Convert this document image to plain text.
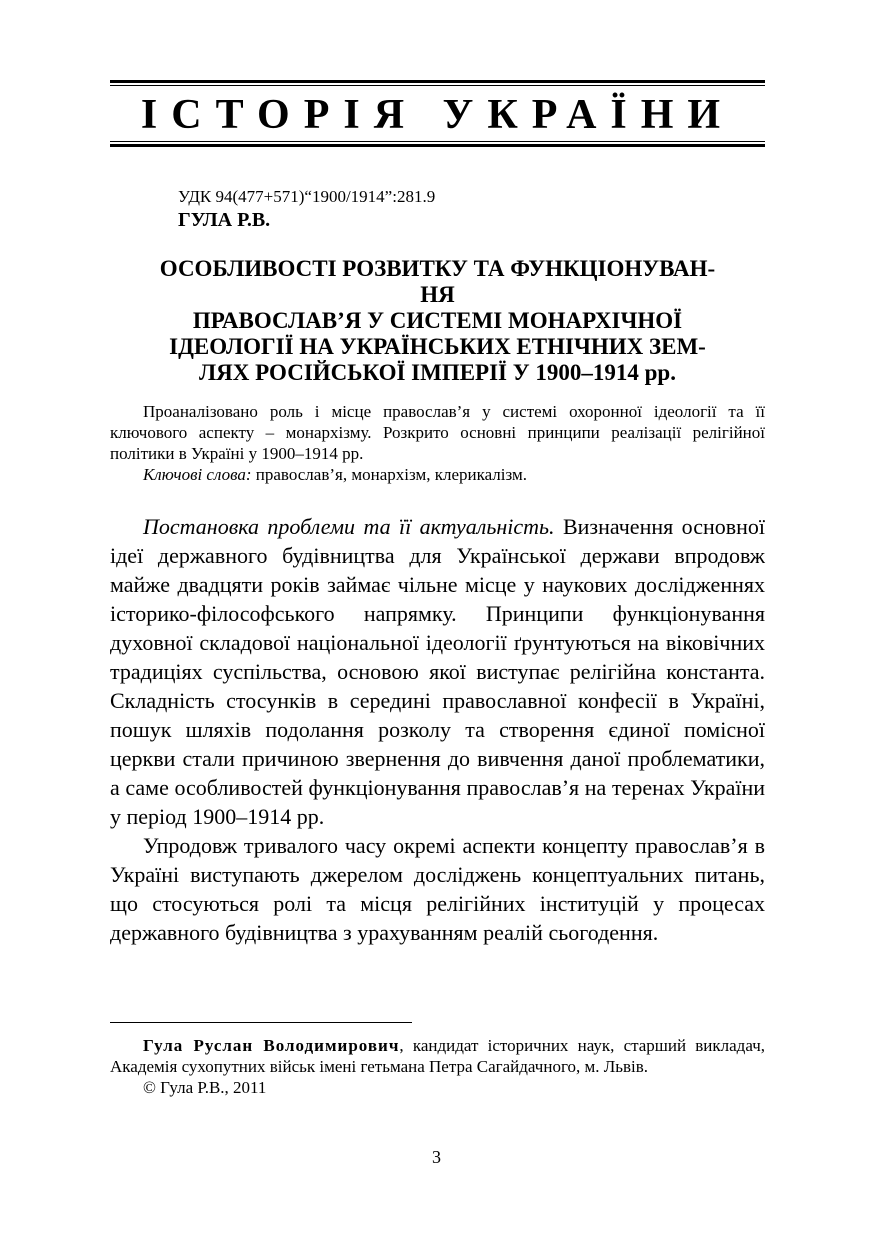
ІСТОРІЯ УКРАЇНИ
УДК 94(477+571)“1900/1914”:281.9
ГУЛА Р.В.
ОСОБЛИВОСТІ РОЗВИТКУ ТА ФУНКЦІОНУВАН-
НЯ
ПРАВОСЛАВ’Я У СИСТЕМІ МОНАРХІЧНОЇ
ІДЕОЛОГІЇ НА УКРАЇНСЬКИХ ЕТНІЧНИХ ЗЕМ-
ЛЯХ РОСІЙСЬКОЇ ІМПЕРІЇ У 1900–1914 рр.

Проаналізовано роль і місце православ’я у системі охоронної ідеології та її ключового аспекту – монархізму. Розкрито основні принципи реалізації релігійної політики в Україні у 1900–1914 рр.

Ключові слова: православ’я, монархізм, клерикалізм.

Постановка проблеми та її актуальність. Визначення основної ідеї державного будівництва для Української держави впродовж майже двадцяти років займає чільне місце у наукових дослідженнях історико-філософського напрямку. Принципи функціонування духовної складової національної ідеології ґрунтуються на віковічних традиціях суспільства, основою якої виступає релігійна константа. Складність стосунків в середині православної конфесії в Україні, пошук шляхів подолання розколу та створення єдиної помісної церкви стали причиною звернення до вивчення даної проблематики, а саме особливостей функціонування православ’я на теренах України у період 1900–1914 рр.

Упродовж тривалого часу окремі аспекти концепту православ’я в Україні виступають джерелом досліджень концептуальних питань, що стосуються ролі та місця релігійних інституцій у процесах державного будівництва з урахуванням реалій сьогодення.

Гула Руслан Володимирович, кандидат історичних наук, старший викладач, Академія сухопутних військ імені гетьмана Петра Сагайдачного, м. Львів.

© Гула Р.В., 2011

3
